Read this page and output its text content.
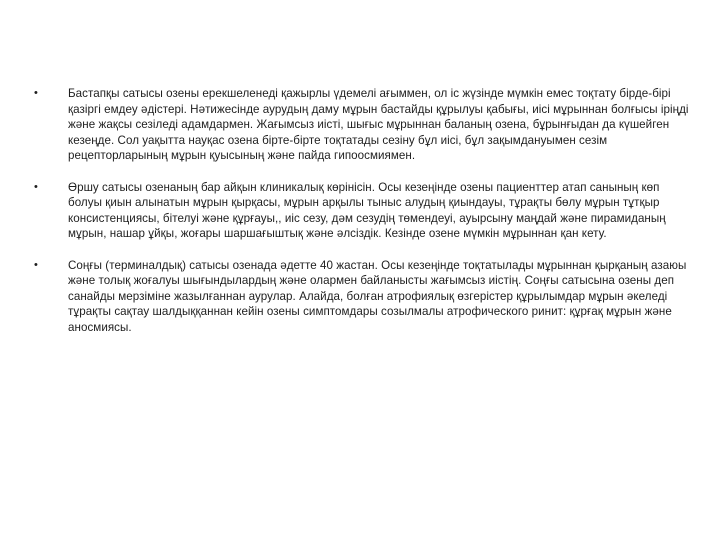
•	Бастапқы сатысы озены ерекшеленеді қажырлы үдемелі ағыммен, ол іс жүзінде мүмкін емес тоқтату бірде-бірі қазіргі емдеу әдістері. Нәтижесінде аурудың даму мұрын бастайды құрылуы қабығы, иісі мұрыннан болғысы іріңді және жақсы сезіледі адамдармен. Жағымсыз иісті, шығыс мұрыннан баланың озена, бұрынғыдан да күшейген кезеңде. Сол уақытта науқас озена бірте-бірте тоқтатады сезіну бұл иісі, бұл зақымдануымен сезім рецепторларының мұрын қуысының және пайда гипоосмиямен.
•	Өршу сатысы озенаның бар айқын клиникалық көрінісін. Осы кезеңінде озены пациенттер атап санының көп болуы қиын алынатын мұрын қырқасы, мұрын арқылы тыныс алудың қиындауы, тұрақты бөлу мұрын тұтқыр консистенциясы, бітелуі және құрғауы,, иіс сезу, дәм сезудің төмендеуі, ауырсыну маңдай және пирамиданың мұрын, нашар ұйқы, жоғары шаршағыштық және әлсіздік. Кезінде озене мүмкін мұрыннан қан кету.
•	Соңғы (терминалдық) сатысы озенада әдетте 40 жастан. Осы кезеңінде тоқтатылады мұрыннан қырқаның азаюы және толық жоғалуы шығындылардың және олармен байланысты жағымсыз иістің. Соңғы сатысына озены деп санайды мерзіміне жазылғаннан аурулар. Алайда, болған атрофиялық өзгерістер құрылымдар мұрын әкеледі тұрақты сақтау шалдыққаннан кейін озены симптомдары созылмалы атрофического ринит: құрғақ мұрын және аносмиясы.
